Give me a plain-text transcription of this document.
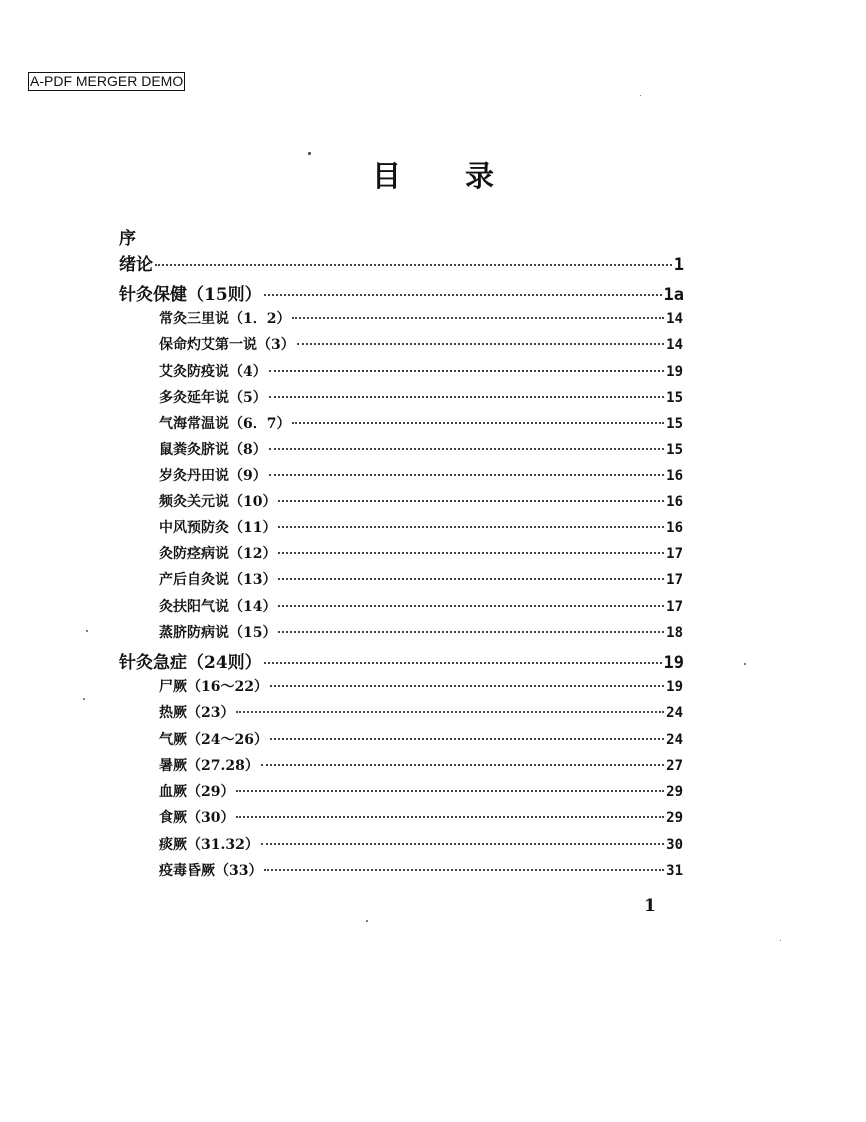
A-PDF MERGER DEMO
目 录
序
绪论	1
针灸保健（15则）	1a
常灸三里说（1．2）	14
保命灼艾第一说（3）	14
艾灸防疫说（4）	19
多灸延年说（5）	15
气海常温说（6．7）	15
鼠粪灸脐说（8）	15
岁灸丹田说（9）	16
频灸关元说（10）	16
中风预防灸（11）	16
灸防痉病说（12）	17
产后自灸说（13）	17
灸扶阳气说（14）	17
蒸脐防病说（15）	18
针灸急症（24则）	19
尸厥（16～22）	19
热厥（23）	24
气厥（24～26）	24
暑厥（27.28）	27
血厥（29）	29
食厥（30）	29
痰厥（31.32）	30
疫毒昏厥（33）	31
1
